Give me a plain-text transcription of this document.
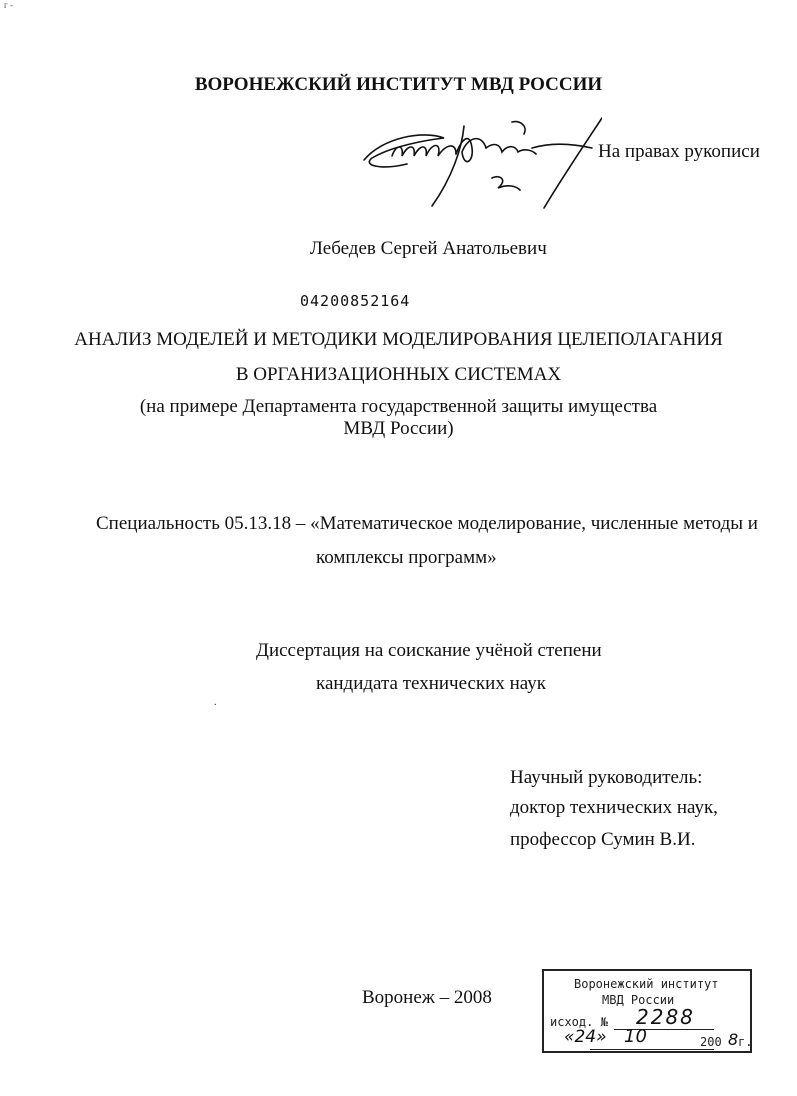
г -
ВОРОНЕЖСКИЙ ИНСТИТУТ МВД РОССИИ
На правах рукописи
Лебедев Сергей Анатольевич
04200852164
АНАЛИЗ МОДЕЛЕЙ И МЕТОДИКИ МОДЕЛИРОВАНИЯ ЦЕЛЕПОЛАГАНИЯ
В ОРГАНИЗАЦИОННЫХ СИСТЕМАХ
(на примере Департамента государственной защиты имущества
МВД России)
Специальность 05.13.18 – «Математическое моделирование, численные методы и
комплексы программ»
Диссертация на соискание учёной степени
кандидата технических наук
.
Научный руководитель:
доктор технических наук,
профессор Сумин В.И.
Воронеж – 2008
Воронежский институт
МВД России
исход. № 2288
«24» 10	200 8 г.
